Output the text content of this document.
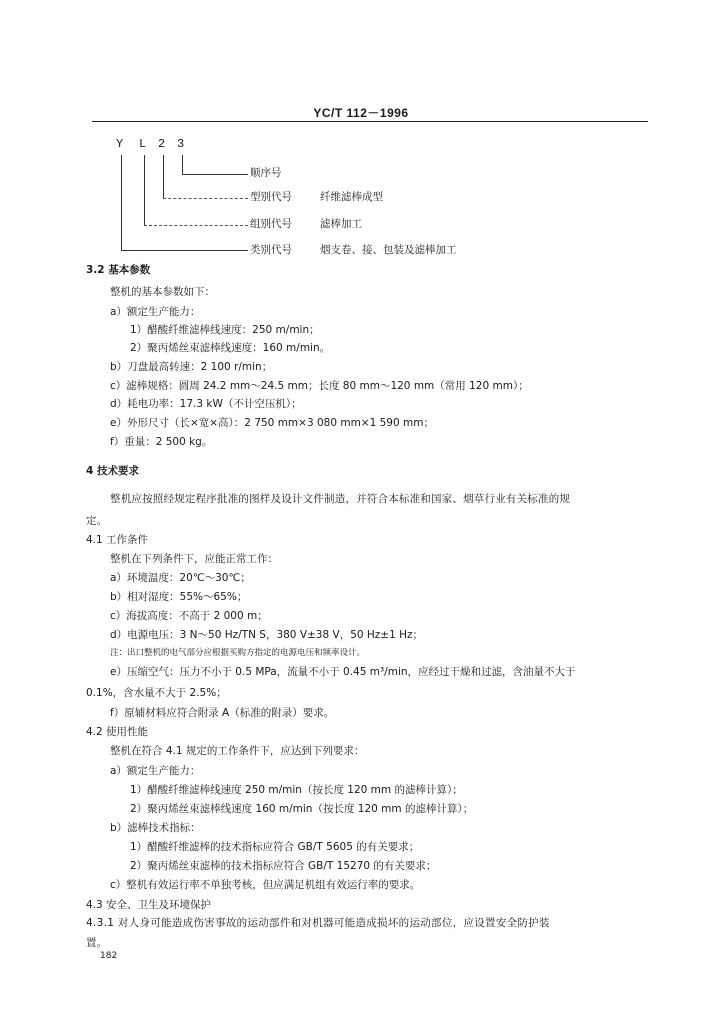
YC/T 112－1996
Y L 2 3
顺序号
型别代号	纤维滤棒成型
组别代号	滤棒加工
类别代号	烟支卷、接、包装及滤棒加工
3.2 基本参数
整机的基本参数如下：
a）额定生产能力：
1）醋酸纤维滤棒线速度：250 m/min；
2）聚丙烯丝束滤棒线速度：160 m/min。
b）刀盘最高转速：2 100 r/min；
c）滤棒规格：圆周 24.2 mm～24.5 mm；长度 80 mm～120 mm（常用 120 mm）；
d）耗电功率：17.3 kW（不计空压机）；
e）外形尺寸（长×宽×高）：2 750 mm×3 080 mm×1 590 mm；
f）重量：2 500 kg。
4 技术要求
整机应按照经规定程序批准的图样及设计文件制造，并符合本标准和国家、烟草行业有关标准的规
定。
4.1 工作条件
整机在下列条件下，应能正常工作：
a）环境温度：20℃～30℃；
b）相对湿度：55%～65%；
c）海拔高度：不高于 2 000 m；
d）电源电压：3 N～50 Hz/TN S，380 V±38 V，50 Hz±1 Hz；
注：出口整机的电气部分应根据买购方指定的电源电压和频率设计。
e）压缩空气：压力不小于 0.5 MPa，流量不小于 0.45 m³/min，应经过干燥和过滤，含油量不大于
0.1%，含水量不大于 2.5%；
f）原辅材料应符合附录 A（标准的附录）要求。
4.2 使用性能
整机在符合 4.1 规定的工作条件下，应达到下列要求：
a）额定生产能力：
1）醋酸纤维滤棒线速度 250 m/min（按长度 120 mm 的滤棒计算）；
2）聚丙烯丝束滤棒线速度 160 m/min（按长度 120 mm 的滤棒计算）；
b）滤棒技术指标：
1）醋酸纤维滤棒的技术指标应符合 GB/T 5605 的有关要求；
2）聚丙烯丝束滤棒的技术指标应符合 GB/T 15270 的有关要求；
c）整机有效运行率不单独考核，但应满足机组有效运行率的要求。
4.3 安全、卫生及环境保护
4.3.1 对人身可能造成伤害事故的运动部件和对机器可能造成损坏的运动部位，应设置安全防护装
置。
182
